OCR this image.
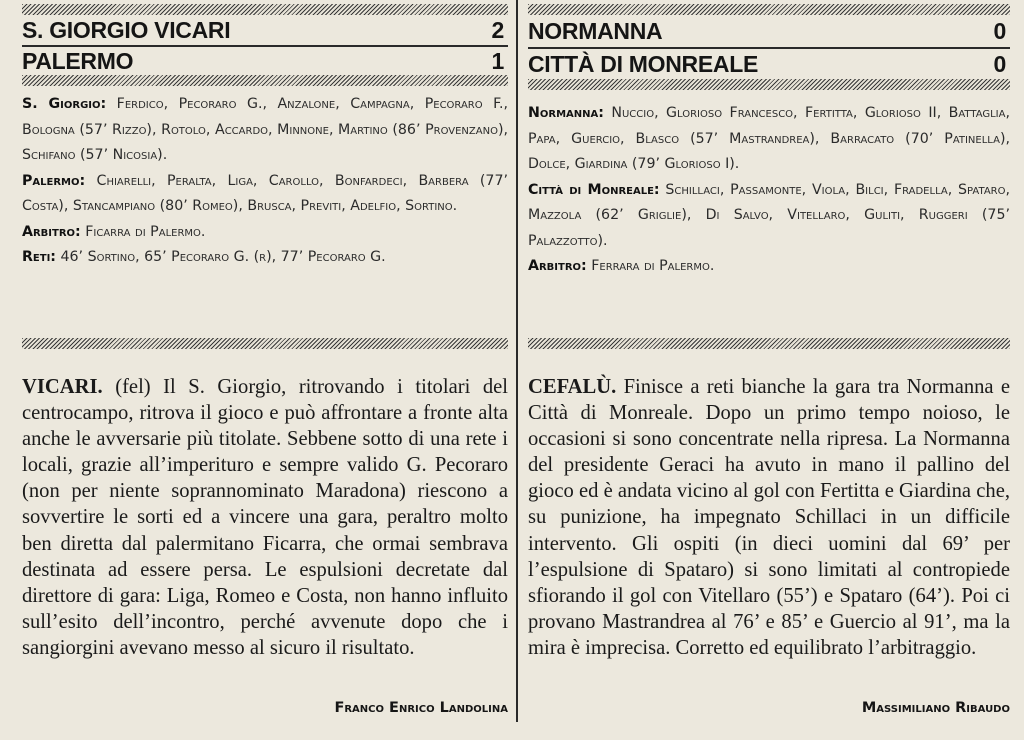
S. GIORGIO VICARI	2
PALERMO	1

S. Giorgio: Ferdico, Pecoraro G., Anzalone, Campagna, Pecoraro F., Bologna (57’ Rizzo), Rotolo, Accardo, Minnone, Martino (86’ Provenzano), Schifano (57’ Nicosia).

Palermo: Chiarelli, Peralta, Liga, Carollo, Bonfardeci, Barbera (77’ Costa), Stancampiano (80’ Romeo), Brusca, Previti, Adelfio, Sortino.

Arbitro: Ficarra di Palermo.

Reti: 46’ Sortino, 65’ Pecoraro G. (r), 77’ Pecoraro G.

VICARI. (fel) Il S. Giorgio, ritrovando i titolari del centrocampo, ritrova il gioco e può affrontare a fronte alta anche le avversarie più titolate. Sebbene sotto di una rete i locali, grazie all’imperituro e sempre valido G. Pecoraro (non per niente soprannominato Maradona) riescono a sovvertire le sorti ed a vincere una gara, peraltro molto ben diretta dal palermitano Ficarra, che ormai sembrava destinata ad essere persa. Le espulsioni decretate dal direttore di gara: Liga, Romeo e Costa, non hanno influito sull’esito dell’incontro, perché avvenute dopo che i sangiorgini avevano messo al sicuro il risultato.
Franco Enrico Landolina
NORMANNA	0
CITTÀ DI MONREALE	0

Normanna: Nuccio, Glorioso Francesco, Fertitta, Glorioso II, Battaglia, Papa, Guercio, Blasco (57’ Mastrandrea), Barracato (70’ Patinella), Dolce, Giardina (79’ Glorioso I).

Città di Monreale: Schillaci, Passamonte, Viola, Bilci, Fradella, Spataro, Mazzola (62’ Griglie), Di Salvo, Vitellaro, Guliti, Ruggeri (75’ Palazzotto).

Arbitro: Ferrara di Palermo.

CEFALÙ. Finisce a reti bianche la gara tra Normanna e Città di Monreale. Dopo un primo tempo noioso, le occasioni si sono concentrate nella ripresa. La Normanna del presidente Geraci ha avuto in mano il pallino del gioco ed è andata vicino al gol con Fertitta e Giardina che, su punizione, ha impegnato Schillaci in un difficile intervento. Gli ospiti (in dieci uomini dal 69’ per l’espulsione di Spataro) si sono limitati al contropiede sfiorando il gol con Vitellaro (55’) e Spataro (64’). Poi ci provano Mastrandrea al 76’ e 85’ e Guercio al 91’, ma la mira è imprecisa. Corretto ed equilibrato l’arbitraggio.
Massimiliano Ribaudo
